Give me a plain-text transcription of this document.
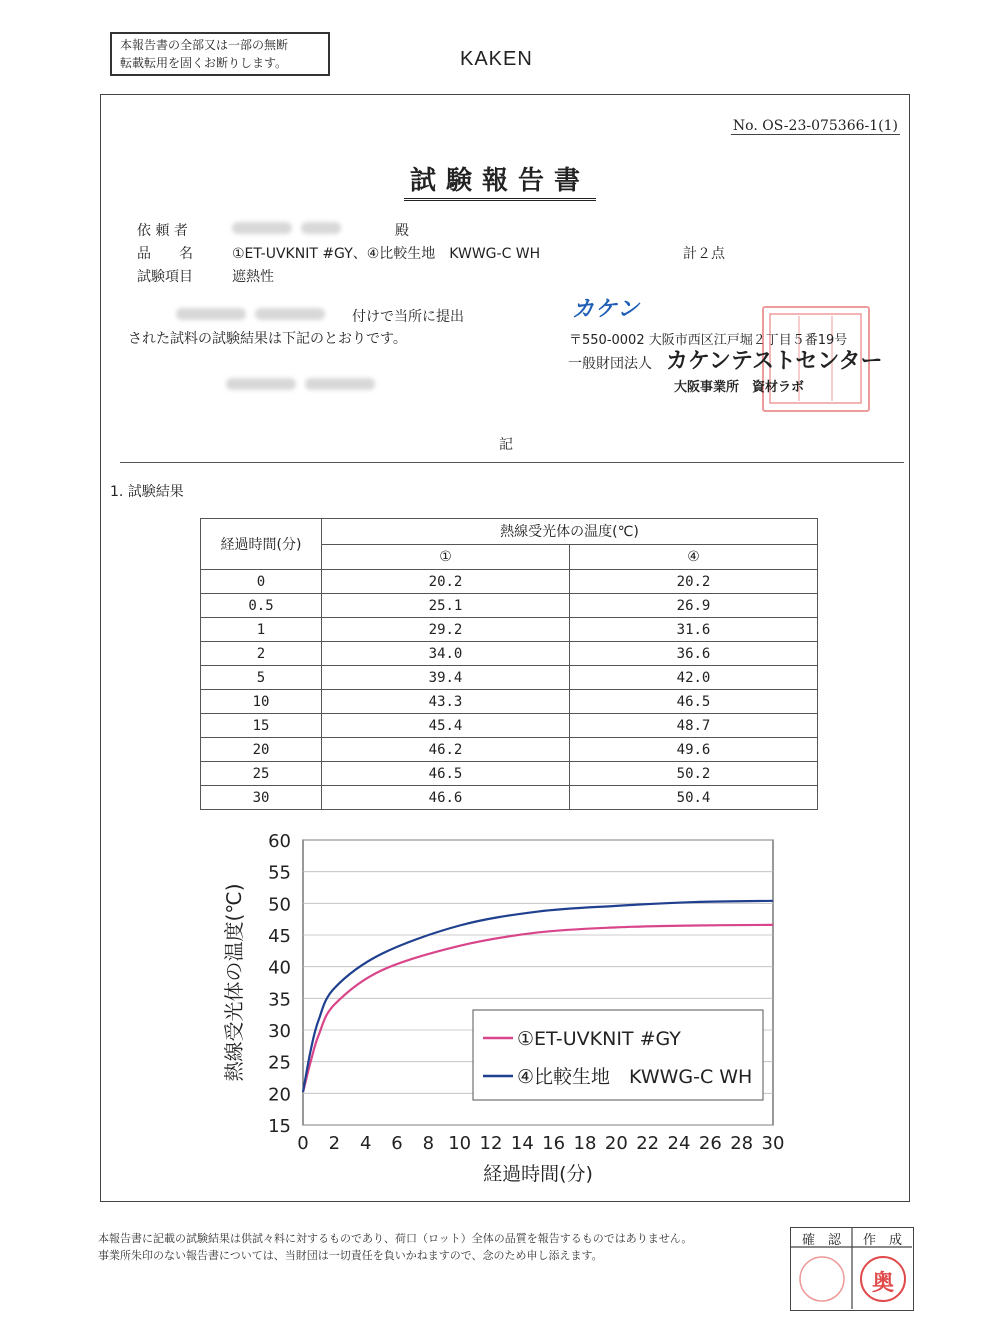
本報告書の全部又は一部の無断
転載転用を固くお断りします。	KAKEN
No. OS-23-075366-1(1)
試験報告書
依 頼 者
	殿
品　　名	①ET-UVKNIT #GY、④比較生地　KWWG-C WH	計２点
試験項目	遮熱性

付けで当所に提出
された試料の試験結果は下記のとおりです。

カケン
〒550-0002 大阪市西区江戸堀２丁目５番19号
一般財団法人 カケンテストセンター
大阪事業所　資材ラボ
記
1. 試験結果
経過時間(分)	熱線受光体の温度(℃)	
	①	④
0	20.2	20.2
0.5	25.1	26.9
1	29.2	31.6
2	34.0	36.6
5	39.4	42.0
10	43.3	46.5
15	45.4	48.7
20	46.2	49.6
25	46.5	50.2
30	46.6	50.4
15
20
25
30
35
40
45
50
55
60
0 2 4 6 8 10 12 14 16 18 20 22 24 26 28 30
経過時間(分)
熱線受光体の温度(℃)	①ET-UVKNIT #GY
④比較生地　KWWG-C WH
本報告書に記載の試験結果は供試々料に対するものであり、荷口（ロット）全体の品質を報告するものではありません。
事業所朱印のない報告書については、当財団は一切責任を負いかねますので、念のため申し添えます。
確　認	作　成
奥
